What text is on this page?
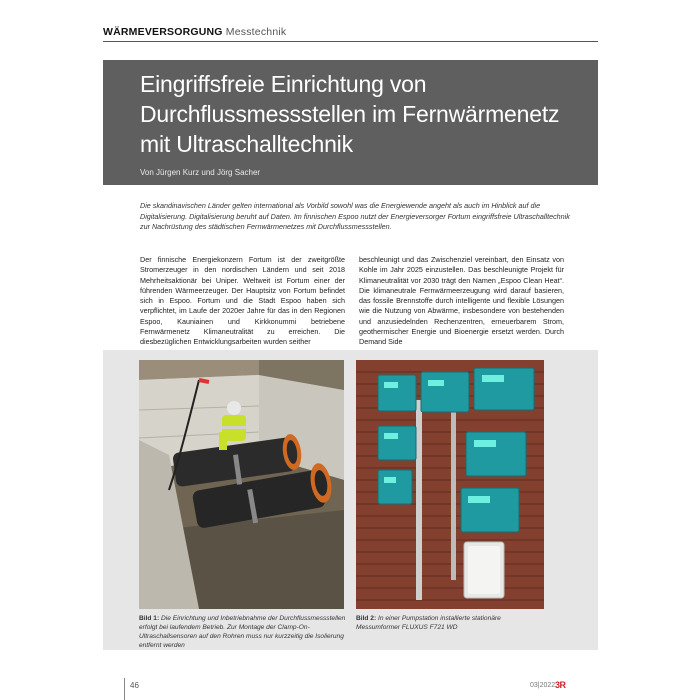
WÄRMEVERSORGUNG Messtechnik
Eingriffsfreie Einrichtung von Durchflussmessstellen im Fernwärmenetz mit Ultraschalltechnik
Von Jürgen Kurz und Jörg Sacher
Die skandinavischen Länder gelten international als Vorbild sowohl was die Energiewende angeht als auch im Hinblick auf die Digitalisierung. Digitalisierung beruht auf Daten. Im finnischen Espoo nutzt der Energieversorger Fortum eingriffsfreie Ultraschalltechnik zur Nachrüstung des städtischen Fernwärmenetzes mit Durchflussmessstellen.
Der finnische Energiekonzern Fortum ist der zweitgrößte Stromerzeuger in den nordischen Ländern und seit 2018 Mehrheitsaktionär bei Uniper. Weltweit ist Fortum einer der führenden Wärmeerzeuger. Der Hauptsitz von Fortum befindet sich in Espoo. Fortum und die Stadt Espoo haben sich verpflichtet, im Laufe der 2020er Jahre für das in den Regionen Espoo, Kauniainen und Kirkkonummi betriebene Fernwärmenetz Klimaneutralität zu erreichen. Die diesbezüglichen Entwicklungsarbeiten wurden seither
beschleunigt und das Zwischenziel vereinbart, den Einsatz von Kohle im Jahr 2025 einzustellen. Das beschleunigte Projekt für Klimaneutralität vor 2030 trägt den Namen „Espoo Clean Heat“. Die klimaneutrale Fernwärmeerzeugung wird darauf basieren, das fossile Brennstoffe durch intelligente und flexible Lösungen wie die Nutzung von Abwärme, insbesondere von bestehenden und anzusiedelnden Rechenzentren, erneuerbarem Strom, geothermischer Energie und Bioenergie ersetzt werden. Durch Demand Side
Bild 1: Die Einrichtung und Inbetriebnahme der Durchflussmessstellen erfolgt bei laufendem Betrieb. Zur Montage der Clamp-On-Ultraschallsensoren auf den Rohren muss nur kurzzeitig die Isolierung entfernt werden
Bild 2: In einer Pumpstation installierte stationäre Messumformer FLUXUS F721 WD
46	03|2022 3R
